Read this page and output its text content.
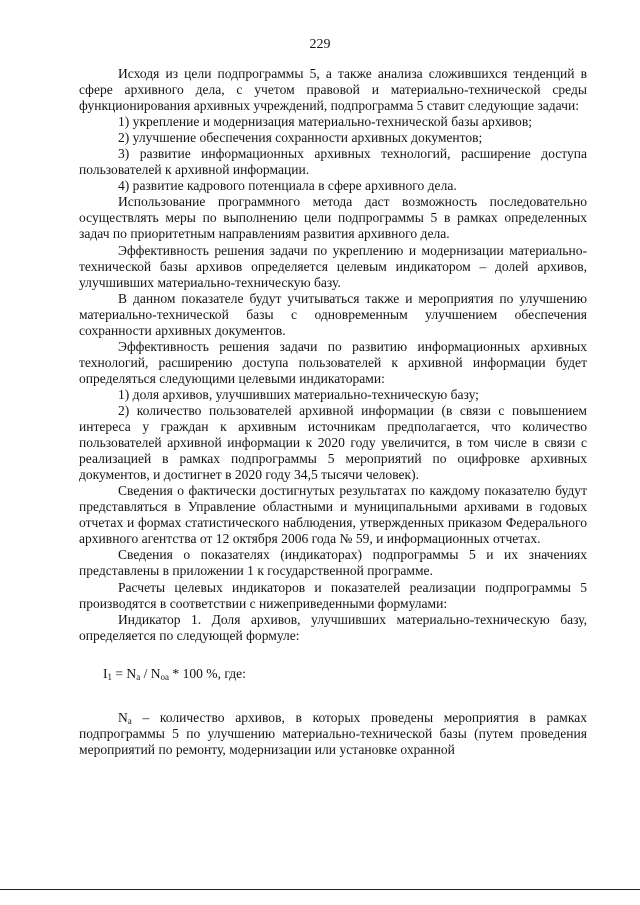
229

Исходя из цели подпрограммы 5, а также анализа сложившихся тенденций в сфере архивного дела, с учетом правовой и материально-технической среды функционирования архивных учреждений, подпрограмма 5 ставит следующие задачи:

1) укрепление и модернизация материально-технической базы архивов;

2) улучшение обеспечения сохранности архивных документов;

3) развитие информационных архивных технологий, расширение доступа пользователей к архивной информации.

4) развитие кадрового потенциала в сфере архивного дела.

Использование программного метода даст возможность последовательно осуществлять меры по выполнению цели подпрограммы 5 в рамках определенных задач по приоритетным направлениям развития архивного дела.

Эффективность решения задачи по укреплению и модернизации материально-технической базы архивов определяется целевым индикатором – долей архивов, улучшивших материально-техническую базу.

В данном показателе будут учитываться также и мероприятия по улучшению материально-технической базы с одновременным улучшением обеспечения сохранности архивных документов.

Эффективность решения задачи по развитию информационных архивных технологий, расширению доступа пользователей к архивной информации будет определяться следующими целевыми индикаторами:

1) доля архивов, улучшивших материально-техническую базу;

2) количество пользователей архивной информации (в связи с повышением интереса у граждан к архивным источникам предполагается, что количество пользователей архивной информации к 2020 году увеличится, в том числе в связи с реализацией в рамках подпрограммы 5 мероприятий по оцифровке архивных документов, и достигнет в 2020 году 34,5 тысячи человек).

Сведения о фактически достигнутых результатах по каждому показателю будут представляться в Управление областными и муниципальными архивами в годовых отчетах и формах статистического наблюдения, утвержденных приказом Федерального архивного агентства от 12 октября 2006 года № 59, и информационных отчетах.

Сведения о показателях (индикаторах) подпрограммы 5 и их значениях представлены в приложении 1 к государственной программе.

Расчеты целевых индикаторов и показателей реализации подпрограммы 5 производятся в соответствии с нижеприведенными формулами:

Индикатор 1. Доля архивов, улучшивших материально-техническую базу, определяется по следующей формуле:

$I_1 = N_a / N_{oa} * 100$ %, где:

$N_a$ – количество архивов, в которых проведены мероприятия в рамках подпрограммы 5 по улучшению материально-технической базы (путем проведения мероприятий по ремонту, модернизации или установке охранной
